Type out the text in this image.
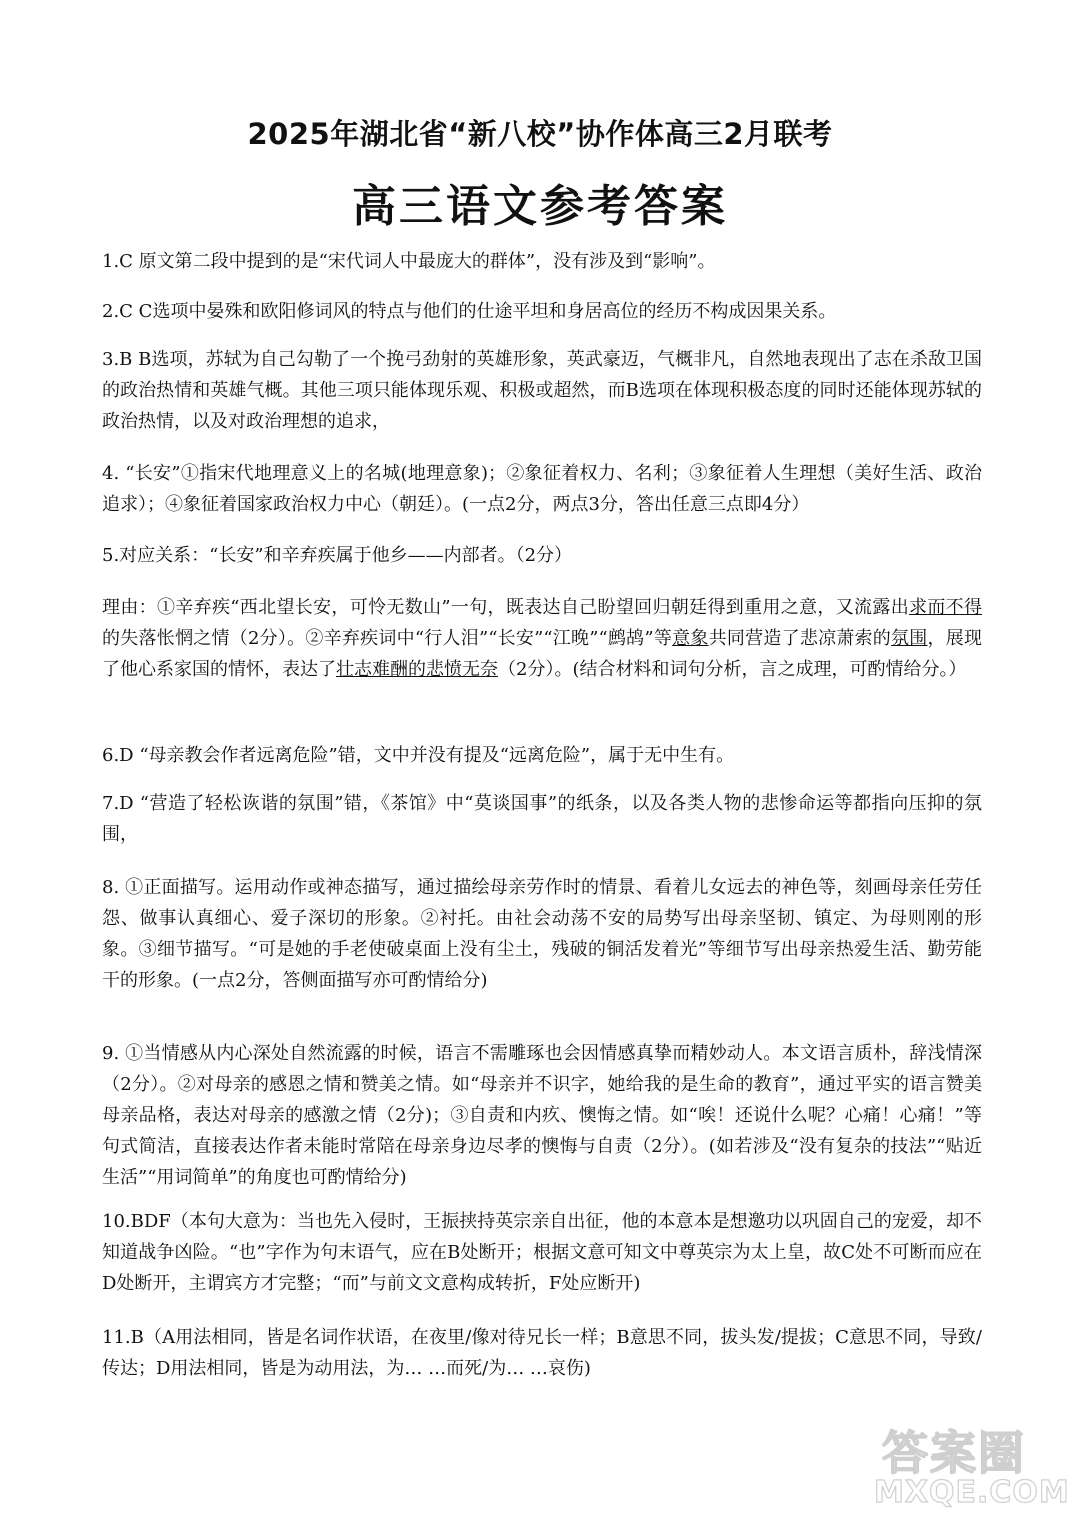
2025年湖北省“新八校”协作体高三2月联考
高三语文参考答案

1.C 原文第二段中提到的是“宋代词人中最庞大的群体”，没有涉及到“影响”。

2.C C选项中晏殊和欧阳修词风的特点与他们的仕途平坦和身居高位的经历不构成因果关系。

3.B B选项，苏轼为自己勾勒了一个挽弓劲射的英雄形象，英武豪迈，气概非凡，自然地表现出了志在杀敌卫国的政治热情和英雄气概。其他三项只能体现乐观、积极或超然，而B选项在体现积极态度的同时还能体现苏轼的政治热情，以及对政治理想的追求，

4. “长安”①指宋代地理意义上的名城(地理意象)；②象征着权力、名利；③象征着人生理想（美好生活、政治追求）；④象征着国家政治权力中心（朝廷）。(一点2分，两点3分，答出任意三点即4分）

5.对应关系：“长安”和辛弃疾属于他乡——内部者。（2分）

理由：①辛弃疾“西北望长安，可怜无数山”一句，既表达自己盼望回归朝廷得到重用之意，又流露出求而不得的失落怅惘之情（2分）。②辛弃疾词中“行人泪”“长安”“江晚”“鹧鸪”等意象共同营造了悲凉萧索的氛围，展现了他心系家国的情怀，表达了壮志难酬的悲愤无奈（2分）。(结合材料和词句分析，言之成理，可酌情给分。）

6.D “母亲教会作者远离危险”错，文中并没有提及“远离危险”，属于无中生有。

7.D “营造了轻松诙谐的氛围”错，《茶馆》中“莫谈国事”的纸条，以及各类人物的悲惨命运等都指向压抑的氛围，

8. ①正面描写。运用动作或神态描写，通过描绘母亲劳作时的情景、看着儿女远去的神色等，刻画母亲任劳任怨、做事认真细心、爱子深切的形象。②衬托。由社会动荡不安的局势写出母亲坚韧、镇定、为母则刚的形象。③细节描写。“可是她的手老使破桌面上没有尘土，残破的铜活发着光”等细节写出母亲热爱生活、勤劳能干的形象。(一点2分，答侧面描写亦可酌情给分)

9. ①当情感从内心深处自然流露的时候，语言不需雕琢也会因情感真挚而精妙动人。本文语言质朴，辞浅情深（2分）。②对母亲的感恩之情和赞美之情。如“母亲并不识字，她给我的是生命的教育”，通过平实的语言赞美母亲品格，表达对母亲的感激之情（2分)；③自责和内疚、懊悔之情。如“唉！还说什么呢？心痛！心痛！”等句式简洁，直接表达作者未能时常陪在母亲身边尽孝的懊悔与自责（2分）。(如若涉及“没有复杂的技法”“贴近生活”“用词简单”的角度也可酌情给分)

10.BDF（本句大意为：当也先入侵时，王振挟持英宗亲自出征，他的本意本是想邀功以巩固自己的宠爱，却不知道战争凶险。“也”字作为句末语气，应在B处断开；根据文意可知文中尊英宗为太上皇，故C处不可断而应在D处断开，主谓宾方才完整；“而”与前文文意构成转折，F处应断开)

11.B（A用法相同，皆是名词作状语，在夜里/像对待兄长一样；B意思不同，拔头发/提拔；C意思不同，导致/传达；D用法相同，皆是为动用法，为… …而死/为… …哀伤)

答案圈
MXQE.COM
